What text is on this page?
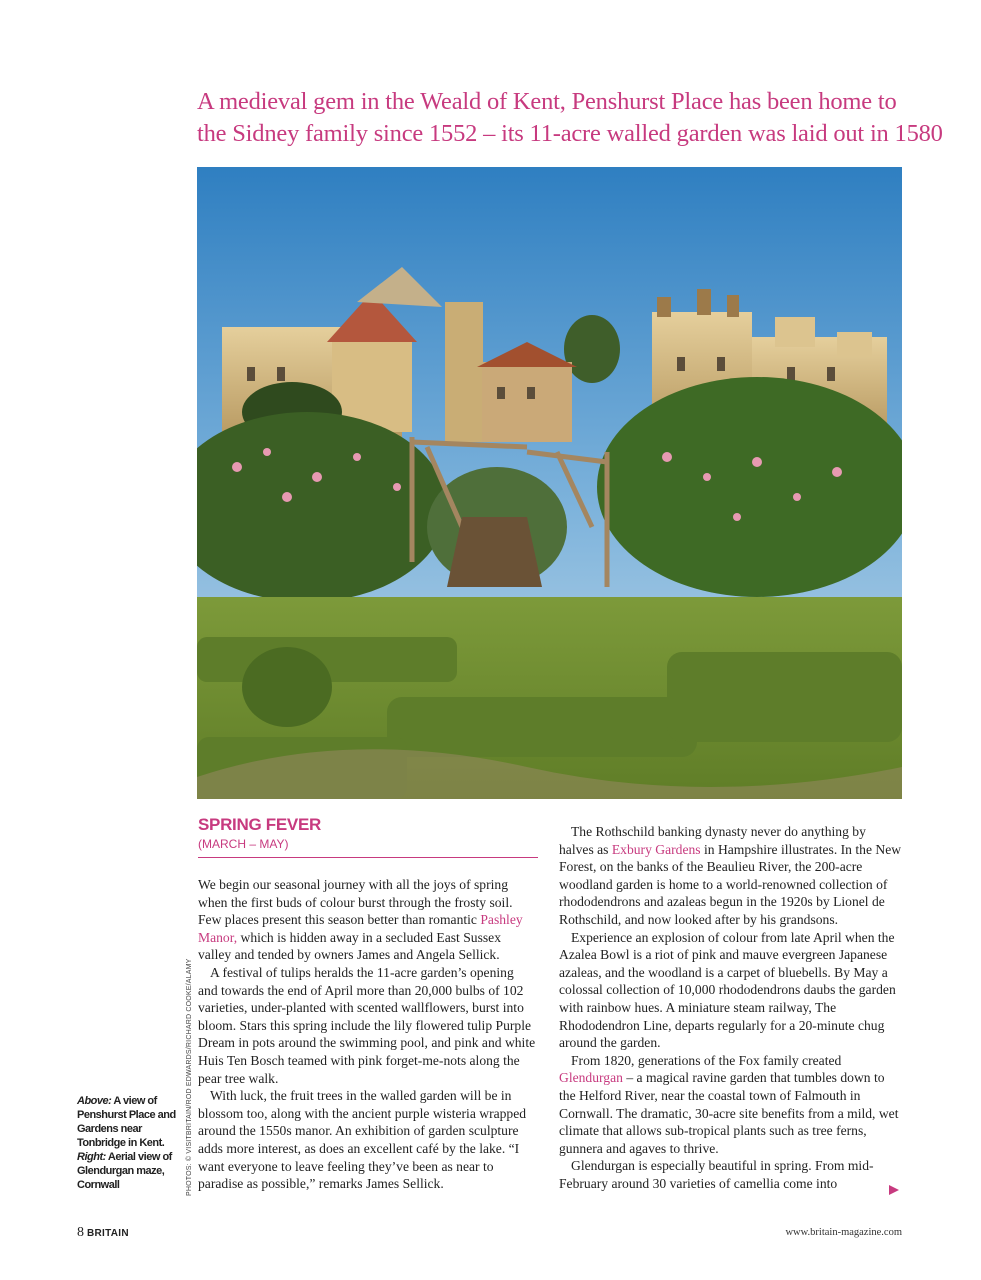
A medieval gem in the Weald of Kent, Penshurst Place has been home to
the Sidney family since 1552 – its 11-acre walled garden was laid out in 1580
SPRING FEVER
(MARCH – MAY)

We begin our seasonal journey with all the joys of spring when the first buds of colour burst through the frosty soil. Few places present this season better than romantic Pashley Manor, which is hidden away in a secluded East Sussex valley and tended by owners James and Angela Sellick.

A festival of tulips heralds the 11-acre garden’s opening and towards the end of April more than 20,000 bulbs of 102 varieties, under-planted with scented wallflowers, burst into bloom. Stars this spring include the lily flowered tulip Purple Dream in pots around the swimming pool, and pink and white Huis Ten Bosch teamed with pink forget-me-nots along the pear tree walk.

With luck, the fruit trees in the walled garden will be in blossom too, along with the ancient purple wisteria wrapped around the 1550s manor. An exhibition of garden sculpture adds more interest, as does an excellent café by the lake. “I want everyone to leave feeling they’ve been as near to paradise as possible,” remarks James Sellick.

The Rothschild banking dynasty never do anything by halves as Exbury Gardens in Hampshire illustrates. In the New Forest, on the banks of the Beaulieu River, the 200-acre woodland garden is home to a world-renowned collection of rhododendrons and azaleas begun in the 1920s by Lionel de Rothschild, and now looked after by his grandsons.

Experience an explosion of colour from late April when the Azalea Bowl is a riot of pink and mauve evergreen Japanese azaleas, and the woodland is a carpet of bluebells. By May a colossal collection of 10,000 rhododendrons daubs the garden with rainbow hues. A miniature steam railway, The Rhododendron Line, departs regularly for a 20-minute chug around the garden.

From 1820, generations of the Fox family created Glendurgan – a magical ravine garden that tumbles down to the Helford River, near the coastal town of Falmouth in Cornwall. The dramatic, 30-acre site benefits from a mild, wet climate that allows sub-tropical plants such as tree ferns, gunnera and agaves to thrive.

Glendurgan is especially beautiful in spring. From mid-February around 30 varieties of camellia come into

PHOTOS: © VISITBRITAIN/ROD EDWARDS/RICHARD COOKE/ALAMY
Above: A view of Penshurst Place and Gardens near Tonbridge in Kent. Right: Aerial view of Glendurgan maze, Cornwall
8 BRITAIN	www.britain-magazine.com
